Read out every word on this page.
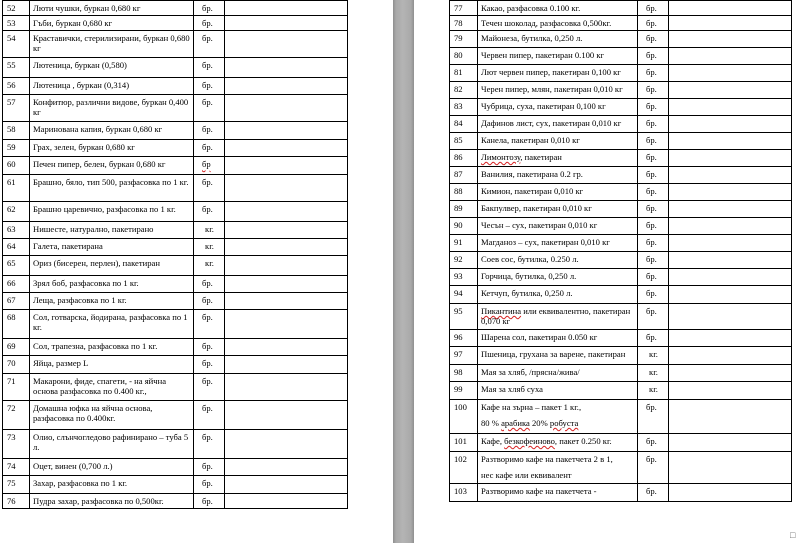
52	Люти чушки, буркан 0,680 кг	бр.	
53	Гъби, буркан 0,680 кг	бр.	
54	Краставички, стерилизирани, буркан 0,680 кг	бр.	
55	Лютеница, буркан (0,580)	бр.	
56	Лютеница , буркан (0,314)	бр.	
57	Конфитюр, различни видове, буркан 0,400 кг	бр.	
58	Маринована капия, буркан 0,680 кг	бр.	
59	Грах, зелен, буркан 0,680 кг	бр.	
60	Печен пипер, белен, буркан 0,680 кг	бр	
61	Брашно, бяло, тип 500, разфасовка по 1 кг.	бр.	
62	Брашно царевично, разфасовка по 1 кг.	бр.	
63	Нишесте, натурално, пакетирано	кг.	
64	Галета, пакетирана	кг.	
65	Ориз (бисерен, перлен), пакетиран	кг.	
66	Зрял боб, разфасовка по 1 кг.	бр.	
67	Леща, разфасовка по 1 кг.	бр.	
68	Сол, готварска, йодирана, разфасовка по 1 кг.	бр.	
69	Сол, трапезна, разфасовка по 1 кг.	бр.	
70	Яйца, размер L	бр.	
71	Макарони, фиде, спагети, - на яйчна основа разфасовка по 0.400 кг.,	бр.	
72	Домашна юфка на яйчна основа, разфасовка по 0.400кг.	бр.	
73	Олио, слънчогледово рафинирано – туба 5 л.	бр.	
74	Оцет, винен (0,700 л.)	бр.	
75	Захар, разфасовка по 1 кг.	бр.	
76	Пудра захар, разфасовка по 0,500кг.	бр.	
77	Какао, разфасовка 0.100 кг.	бр.	
78	Течен шоколад, разфасовка 0,500кг.	бр.	
79	Майонеза, бутилка, 0,250 л.	бр.	
80	Червен пипер, пакетиран 0.100 кг	бр.	
81	Лют червен пипер, пакетиран 0,100 кг	бр.	
82	Черен пипер, млян, пакетиран 0,010 кг	бр.	
83	Чубрица, суха, пакетиран 0,100 кг	бр.	
84	Дафинов лист, сух, пакетиран 0,010 кг	бр.	
85	Канела, пакетиран 0,010 кг	бр.	
86	Лимонтозу, пакетиран	бр.	
87	Ванилия, пакетирана 0.2 гр.	бр.	
88	Кимион, пакетиран 0,010 кг	бр.	
89	Бакпулвер, пакетиран 0,010 кг	бр.	
90	Чесън – сух, пакетиран 0,010 кг	бр.	
91	Магданоз – сух, пакетиран 0,010 кг	бр.	
92	Соев сос, бутилка, 0.250 л.	бр.	
93	Горчица, бутилка, 0,250 л.	бр.	
94	Кетчуп, бутилка, 0,250 л.	бр.	
95	Пикантина или еквивалентно, пакетиран 0,070 кг	бр.	
96	Шарена сол, пакетиран 0.050 кг	бр.	
97	Пшеница, грухана за варене, пакетиран	кг.	
98	Мая за хляб, /прясна/жива/	кг.	
99	Мая за хляб суха	кг.	
100	Кафе на зърна – пакет 1 кг.,
80 % арабика 20% робуста	бр.	
101	Кафе, безкофеиново, пакет 0.250 кг.	бр.	
102	Разтворимо кафе на пакетчета 2 в 1,
нес кафе или еквивалент	бр.	
103	Разтворимо кафе на пакетчета -	бр.	
□
